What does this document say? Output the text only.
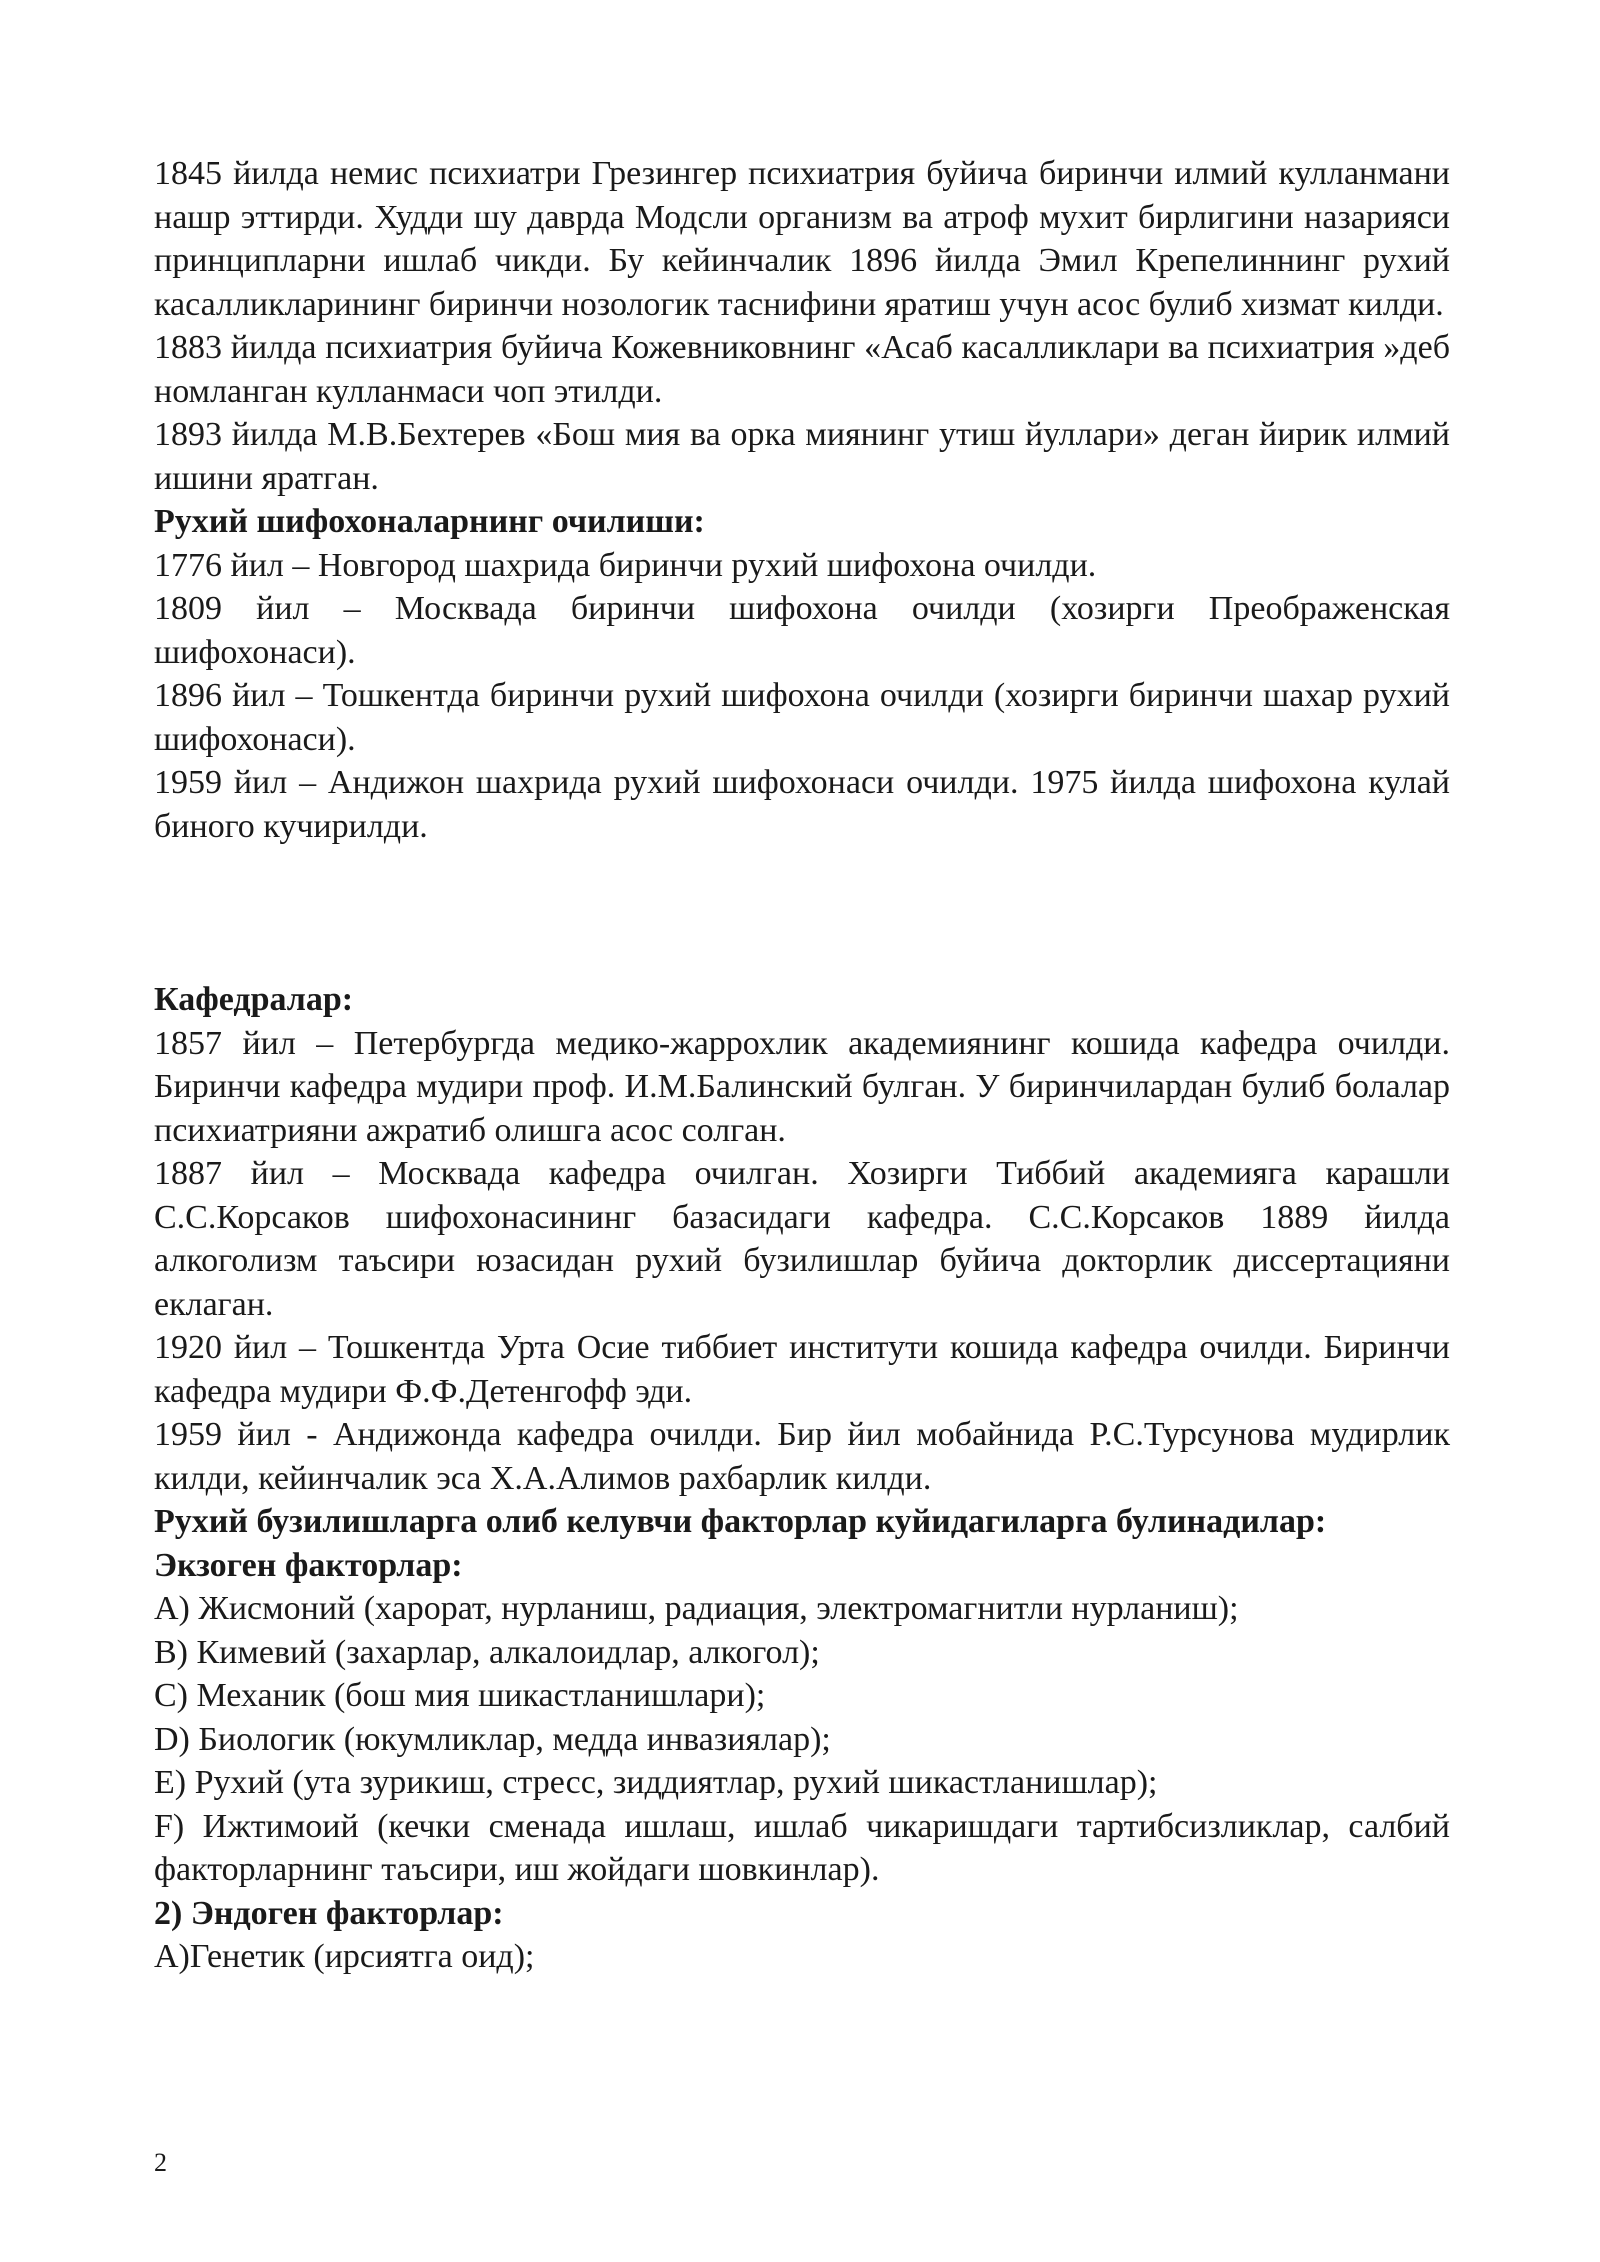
1845 йилда немис психиатри Грезингер психиатрия буйича биринчи илмий кулланмани нашр эттирди. Худди шу даврда Модсли организм ва атроф мухит бирлигини назарияси принципларни ишлаб чикди. Бу кейинчалик 1896 йилда Эмил Крепелиннинг рухий касалликларининг биринчи нозологик таснифини яратиш учун асос булиб хизмат килди.

1883 йилда психиатрия буйича Кожевниковнинг «Асаб касалликлари ва психиатрия »деб номланган кулланмаси чоп этилди.

1893 йилда М.В.Бехтерев «Бош мия ва орка миянинг утиш йуллари» деган йирик илмий ишини яратган.

Рухий шифохоналарнинг очилиши:

1776 йил – Новгород шахрида биринчи рухий шифохона очилди.

1809 йил – Москвада биринчи шифохона очилди (хозирги Преображенская шифохонаси).

1896 йил – Тошкентда биринчи рухий шифохона очилди (хозирги биринчи шахар рухий шифохонаси).

1959 йил – Андижон шахрида рухий шифохонаси очилди. 1975 йилда шифохона кулай биного кучирилди.

Кафедралар:

1857 йил – Петербургда медико-жаррохлик академиянинг кошида кафедра очилди. Биринчи кафедра мудири проф. И.М.Балинский булган. У биринчилардан булиб болалар психиатрияни ажратиб олишга асос солган.

1887 йил – Москвада кафедра очилган. Хозирги Тиббий академияга карашли С.С.Корсаков шифохонасининг базасидаги кафедра. С.С.Корсаков 1889 йилда алкоголизм таъсири юзасидан рухий бузилишлар буйича докторлик диссертацияни еклаган.

1920 йил – Тошкентда Урта Осие тиббиет институти кошида кафедра очилди. Биринчи кафедра мудири Ф.Ф.Детенгофф эди.

1959 йил - Андижонда кафедра очилди. Бир йил мобайнида Р.С.Турсунова мудирлик килди, кейинчалик эса Х.А.Алимов рахбарлик килди.

Рухий бузилишларга олиб келувчи факторлар куйидагиларга булинадилар:

Экзоген факторлар:

A) Жисмоний (харорат, нурланиш, радиация, электромагнитли нурланиш);

B) Кимевий (захарлар, алкалоидлар, алкогол);

C) Механик (бош мия шикастланишлари);

D) Биологик (юкумликлар, медда инвазиялар);

E) Рухий (ута зурикиш, стресс, зиддиятлар, рухий шикастланишлар);

F) Ижтимоий (кечки сменада ишлаш, ишлаб чикаришдаги тартибсизликлар, салбий факторларнинг таъсири, иш жойдаги шовкинлар).

2) Эндоген факторлар:

A)Генетик (ирсиятга оид);

2
